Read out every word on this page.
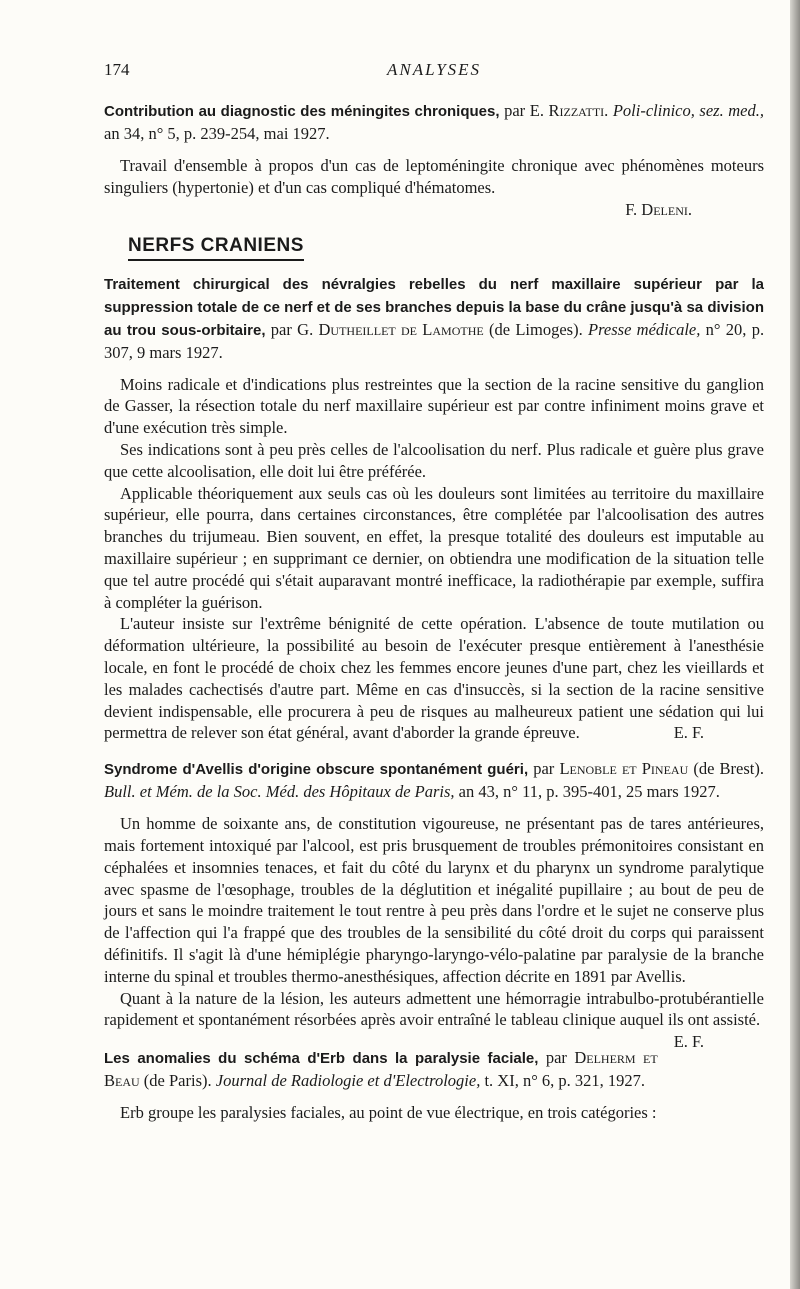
174	ANALYSES
Contribution au diagnostic des méningites chroniques, par E. Rizzatti. Poli-clinico, sez. med., an 34, n° 5, p. 239-254, mai 1927.

Travail d'ensemble à propos d'un cas de leptoméningite chronique avec phénomènes moteurs singuliers (hypertonie) et d'un cas compliqué d'hématomes.

F. Deleni.
NERFS CRANIENS
Traitement chirurgical des névralgies rebelles du nerf maxillaire supérieur par la suppression totale de ce nerf et de ses branches depuis la base du crâne jusqu'à sa division au trou sous-orbitaire, par G. Dutheillet de Lamothe (de Limoges). Presse médicale, n° 20, p. 307, 9 mars 1927.

Moins radicale et d'indications plus restreintes que la section de la racine sensitive du ganglion de Gasser, la résection totale du nerf maxillaire supérieur est par contre infiniment moins grave et d'une exécution très simple.

Ses indications sont à peu près celles de l'alcoolisation du nerf. Plus radicale et guère plus grave que cette alcoolisation, elle doit lui être préférée.

Applicable théoriquement aux seuls cas où les douleurs sont limitées au territoire du maxillaire supérieur, elle pourra, dans certaines circonstances, être complétée par l'alcoolisation des autres branches du trijumeau. Bien souvent, en effet, la presque totalité des douleurs est imputable au maxillaire supérieur ; en supprimant ce dernier, on obtiendra une modification de la situation telle que tel autre procédé qui s'était auparavant montré inefficace, la radiothérapie par exemple, suffira à compléter la guérison.

L'auteur insiste sur l'extrême bénignité de cette opération. L'absence de toute mutilation ou déformation ultérieure, la possibilité au besoin de l'exécuter presque entièrement à l'anesthésie locale, en font le procédé de choix chez les femmes encore jeunes d'une part, chez les vieillards et les malades cachectisés d'autre part. Même en cas d'insuccès, si la section de la racine sensitive devient indispensable, elle procurera à peu de risques au malheureux patient une sédation qui lui permettra de relever son état général, avant d'aborder la grande épreuve.	E. F.

Syndrome d'Avellis d'origine obscure spontanément guéri, par Lenoble et Pineau (de Brest). Bull. et Mém. de la Soc. Méd. des Hôpitaux de Paris, an 43, n° 11, p. 395-401, 25 mars 1927.

Un homme de soixante ans, de constitution vigoureuse, ne présentant pas de tares antérieures, mais fortement intoxiqué par l'alcool, est pris brusquement de troubles prémonitoires consistant en céphalées et insomnies tenaces, et fait du côté du larynx et du pharynx un syndrome paralytique avec spasme de l'œsophage, troubles de la déglutition et inégalité pupillaire ; au bout de peu de jours et sans le moindre traitement le tout rentre à peu près dans l'ordre et le sujet ne conserve plus de l'affection qui l'a frappé que des troubles de la sensibilité du côté droit du corps qui paraissent définitifs. Il s'agit là d'une hémiplégie pharyngo-laryngo-vélo-palatine par paralysie de la branche interne du spinal et troubles thermo-anesthésiques, affection décrite en 1891 par Avellis.

Quant à la nature de la lésion, les auteurs admettent une hémorragie intrabulbo-protubérantielle rapidement et spontanément résorbées après avoir entraîné le tableau clinique auquel ils ont assisté.
E. F.

Les anomalies du schéma d'Erb dans la paralysie faciale, par Delherm et Beau (de Paris). Journal de Radiologie et d'Electrologie, t. XI, n° 6, p. 321, 1927.

Erb groupe les paralysies faciales, au point de vue électrique, en trois catégories :
